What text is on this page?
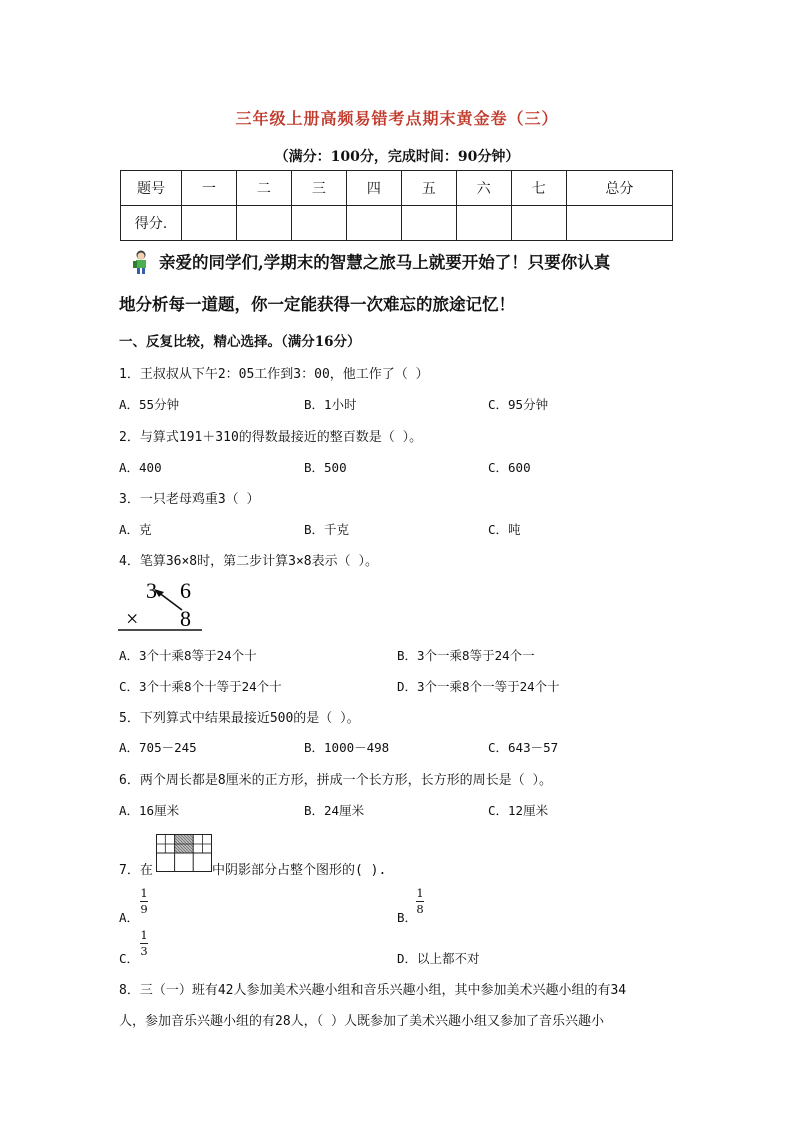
三年级上册高频易错考点期末黄金卷（三）
（满分：100分，完成时间：90分钟）
题号	一	二	三	四	五	六	七	总分
得分.								
亲爱的同学们,学期末的智慧之旅马上就要开始了！只要你认真
地分析每一道题，你一定能获得一次难忘的旅途记忆！
一、反复比较，精心选择。（满分16分）
1．王叔叔从下午2：05工作到3：00，他工作了（ ）
A．55分钟	B．1小时	C．95分钟
2．与算式191＋310的得数最接近的整百数是（ ）。
A．400	B．500	C．600
3．一只老母鸡重3（ ）
A．克	B．千克	C．吨
4．笔算36×8时，第二步计算3×8表示（ ）。
3 6
× 8
A．3个十乘8等于24个十	B．3个一乘8等于24个一
C．3个十乘8个十等于24个十	D．3个一乘8个一等于24个十
5．下列算式中结果最接近500的是（ ）。
A．705－245	B．1000－498	C．643－57
6．两个周长都是8厘米的正方形，拼成一个长方形，长方形的周长是（ ）。
A．16厘米	B．24厘米	C．12厘米
7．在	中阴影部分占整个图形的( ).
A．
1
9
B．
1
8
C．
1
3	D．以上都不对
8．三（一）班有42人参加美术兴趣小组和音乐兴趣小组，其中参加美术兴趣小组的有34
人，参加音乐兴趣小组的有28人，（ ）人既参加了美术兴趣小组又参加了音乐兴趣小
